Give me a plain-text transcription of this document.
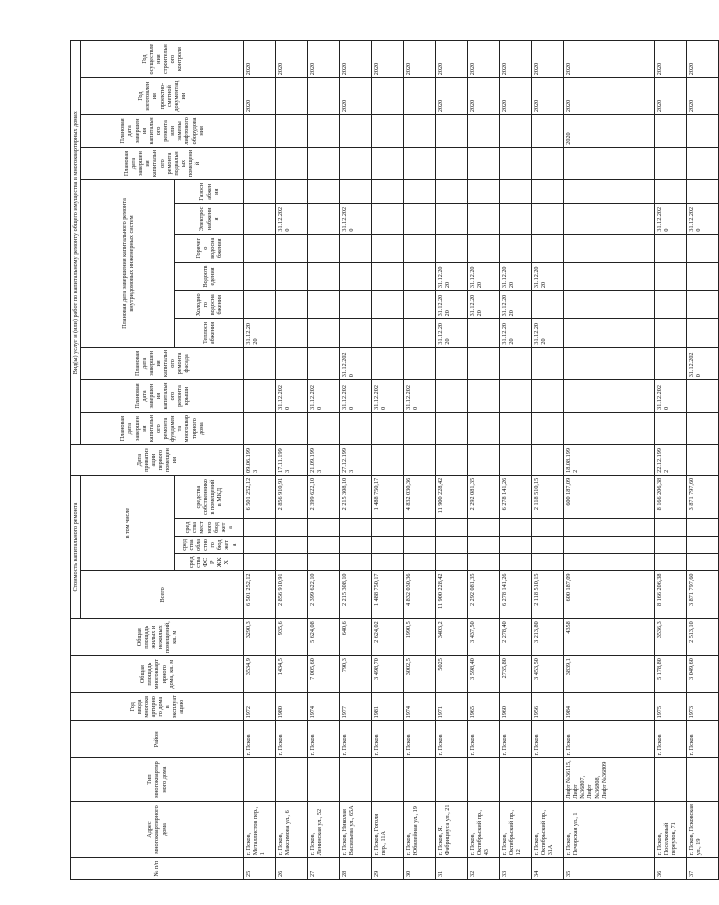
№ п/п	Адрес многоквартирного дома	Тип многоквартирного дома	Район	Год ввода многоквартирного дома в эксплуатацию	Общая площадь многоквартирного дома, кв. м	Общая площадь жилых и нежилых помещений, кв. м	Стоимость капитального ремонта					Дата приватизации первого помещения	Вид(ы) услуг и (или) работ по капитальному ремонту общего имущества в многоквартирных домах												
							Всего	в том числе					Плановая дата завершения капитального ремонта фундамента многоквартирного дома	Плановая дата завершения капитального ремонта крыши	Плановая дата завершения капитального ремонта фасада	Плановая дата завершения капитального ремонта внутридомовых инженерных систем						Плановая дата завершения капитального ремонта подвальных помещений	Плановая дата завершения капитального ремонта или замены лифтового оборудования	Год изготовления проектно-сметной документации	Год осуществления строительного контроля
								средства ФСР ЖКХ	средства областного бюджета	средства местного бюджета	средства собственников помещений в МКД					Теплоснабжения	Холодного водоснабжения	Водоотведения	Горячего водоснабжения	Электроснабжения	Газоснабжения				
25	г. Псков, Металлистов пер., 1		г. Псков	1972	3534,9	3290,3	6 501 252,12				6 501 252,12	09.06.1993				31.12.2020								2020	2020
26	г. Псков, Максимова ул., 6		г. Псков	1980	1434,5	935,6	2 856 910,91				2 856 910,91	17.11.1993		31.12.2020						31.12.2020					2020
27	г. Псков, Ленинская ул., 52		г. Псков	1974	7 005,60	5 624,08	2 399 622,10				2 399 622,10	21.09.1993		31.12.2020											2020
28	г. Псков, Николая Васильева ул., 65А		г. Псков	1977	790,3	640,6	2 215 308,10				2 215 308,10	27.12.1993		31.12.2020	31.12.2020					31.12.2020				2020	2020
29	г. Псков, Гоголя пер., 11А		г. Псков	1981	3 498,70	2 624,02	1 488 750,17				1 488 750,17			31.12.2020											2020
30	г. Псков, Юбилейная ул., 19		г. Псков	1974	3002,5	1990,5	4 832 030,36				4 832 030,36			31.12.2020											2020
31	г. Псков, Я. Фабрициуса ул., 21		г. Псков	1971	5025	3403,2	11 900 228,42				11 900 228,42					31.12.2020	31.12.2020	31.12.2020						2020	2020
32	г. Псков, Октябрьский пр., 43		г. Псков	1965	3 598,40	3 437,50	2 292 081,35				2 292 081,35						31.12.2020	31.12.2020						2020	2020
33	г. Псков, Октябрьский пр., 12		г. Псков	1960	2735,80	2 278,40	6 278 141,26				6 278 141,26					31.12.2020	31.12.2020	31.12.2020						2020	2020
34	г. Псков, Октябрьский пр., 31А		г. Псков	1956	3 453,50	3 213,80	2 118 510,15				2 118 510,15					31.12.2020		31.12.2020						2020	2020
35	г. Псков, Печорская ул., 1	Лифт №36115, Лифт №36807, Лифт №36808, Лифт №36809	г. Псков	1984	3839,1	4358	600 187,09				600 187,09	18.08.1992											2020	2020	2020
36	г. Псков, Поселковый переулок, 71		г. Псков	1975	5 178,80	3536,3	8 166 206,38				8 166 206,38	22.12.1992		31.12.2020						31.12.2020				2020	2020
37	г. Псков, Псковская ул., 19		г. Псков	1973	3 049,60	2 513,10	3 871 797,60				3 871 797,60				31.12.2020					31.12.2020				2020	2020
